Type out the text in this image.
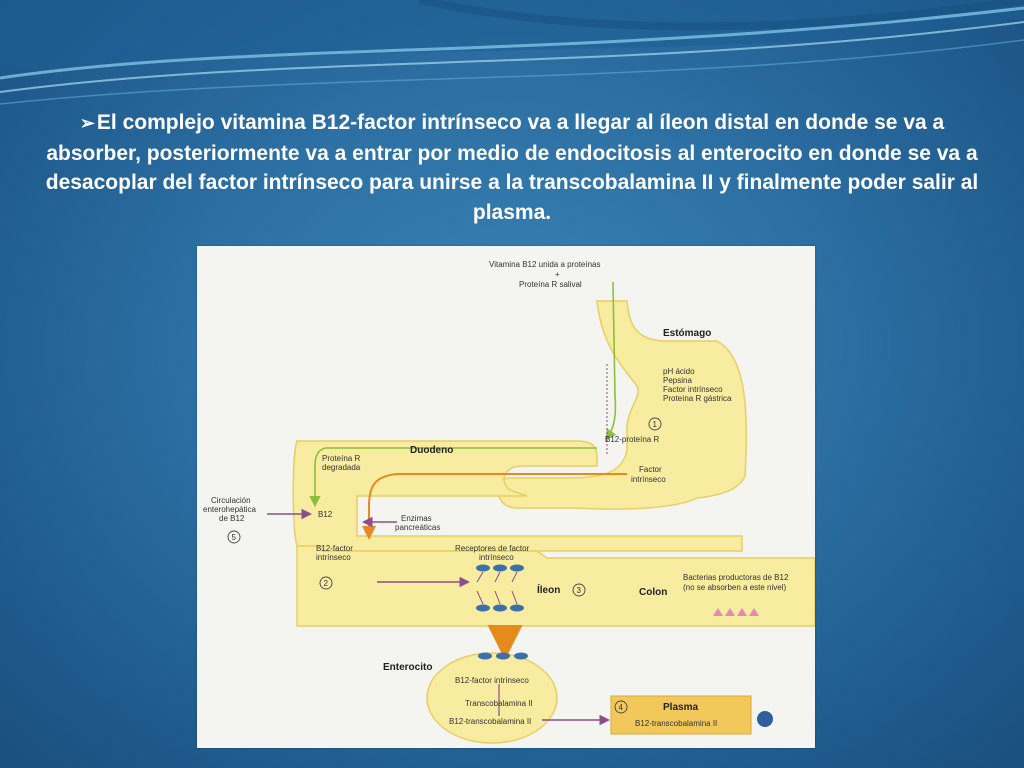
➢El complejo vitamina B12-factor intrínseco va a llegar al íleon distal en donde se va a absorber, posteriormente va a entrar por medio de endocitosis al enterocito en donde se va a desacoplar del factor intrínseco para unirse a la transcobalamina II y finalmente poder salir al plasma.
1
2
3
4
5
Vitamina B12 unida a proteínas
+
Proteína R salival
Estómago
pH ácido
Pepsina
Factor intrínseco
Proteína R gástrica
B12-proteína R
Duodeno
Proteína R
degradada	Factor
intrínseco
Circulación
enterohepática
de B12	B12	Enzimas
pancreáticas
B12-factor
intrínseco
Receptores de factor
intrínseco
Íleon	Colon
Bacterias productoras de B12
(no se absorben a este nivel)
Enterocito
B12-factor intrínseco
Transcobalamina II
B12-transcobalamina II
Plasma
B12-transcobalamina II
